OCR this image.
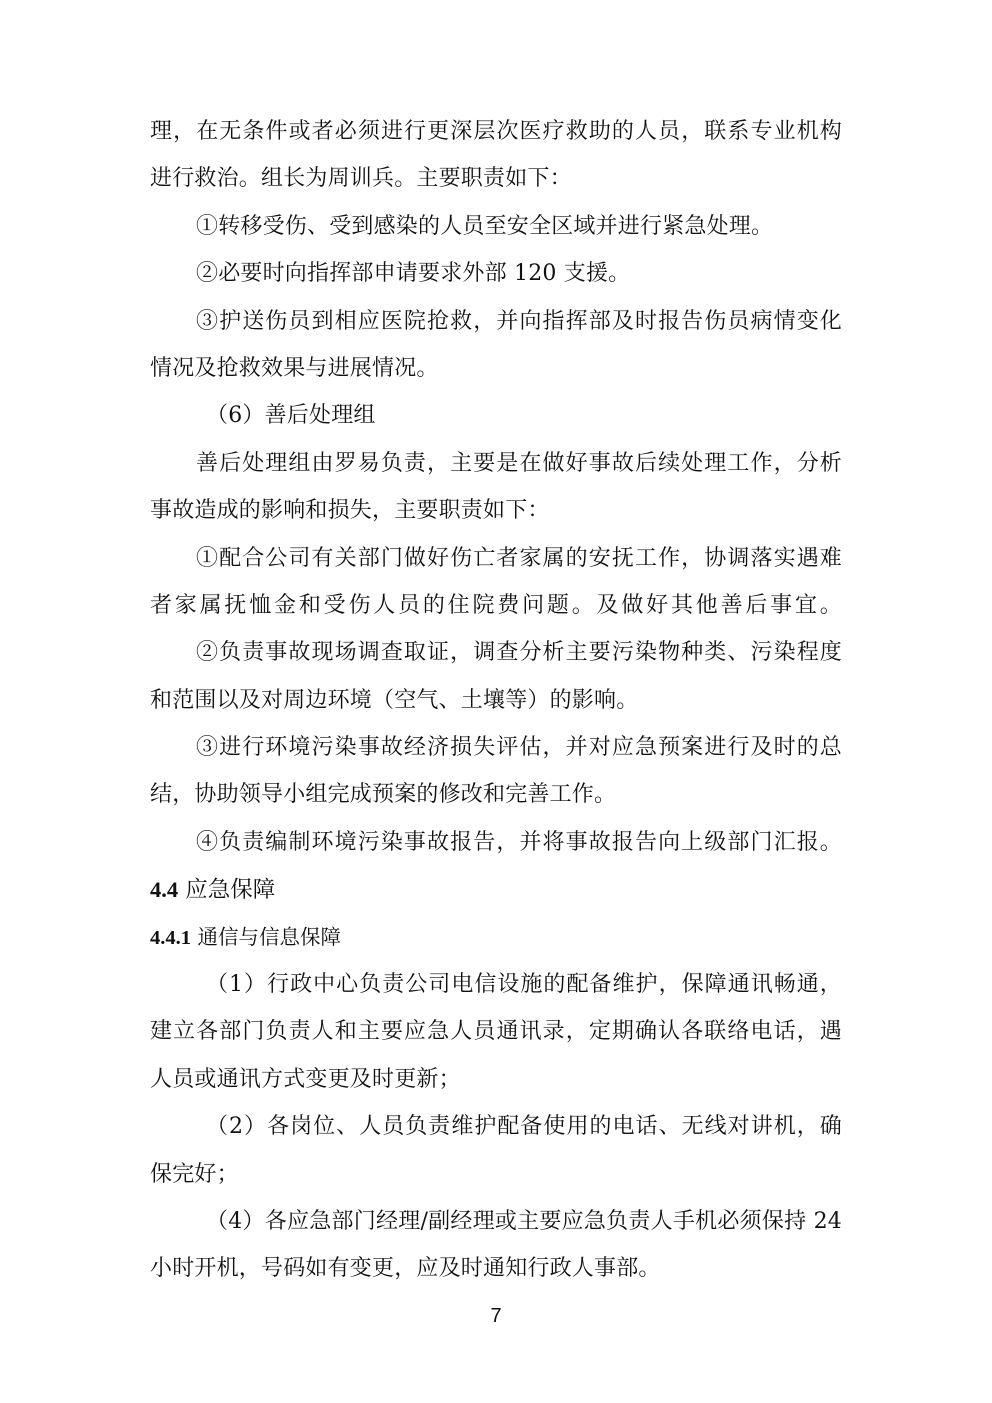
理，在无条件或者必须进行更深层次医疗救助的人员，联系专业机构
进行救治。组长为周训兵。主要职责如下：
①转移受伤、受到感染的人员至安全区域并进行紧急处理。
②必要时向指挥部申请要求外部 120 支援。
③护送伤员到相应医院抢救，并向指挥部及时报告伤员病情变化
情况及抢救效果与进展情况。
（6）善后处理组
善后处理组由罗易负责，主要是在做好事故后续处理工作，分析
事故造成的影响和损失，主要职责如下：
①配合公司有关部门做好伤亡者家属的安抚工作，协调落实遇难
者家属抚恤金和受伤人员的住院费问题。及做好其他善后事宜。
②负责事故现场调查取证，调查分析主要污染物种类、污染程度
和范围以及对周边环境（空气、土壤等）的影响。
③进行环境污染事故经济损失评估，并对应急预案进行及时的总
结，协助领导小组完成预案的修改和完善工作。
④负责编制环境污染事故报告，并将事故报告向上级部门汇报。
4.4 应急保障
4.4.1 通信与信息保障
（1）行政中心负责公司电信设施的配备维护，保障通讯畅通，
建立各部门负责人和主要应急人员通讯录，定期确认各联络电话，遇
人员或通讯方式变更及时更新；
（2）各岗位、人员负责维护配备使用的电话、无线对讲机，确
保完好；
（4）各应急部门经理/副经理或主要应急负责人手机必须保持 24
小时开机，号码如有变更，应及时通知行政人事部。
7
